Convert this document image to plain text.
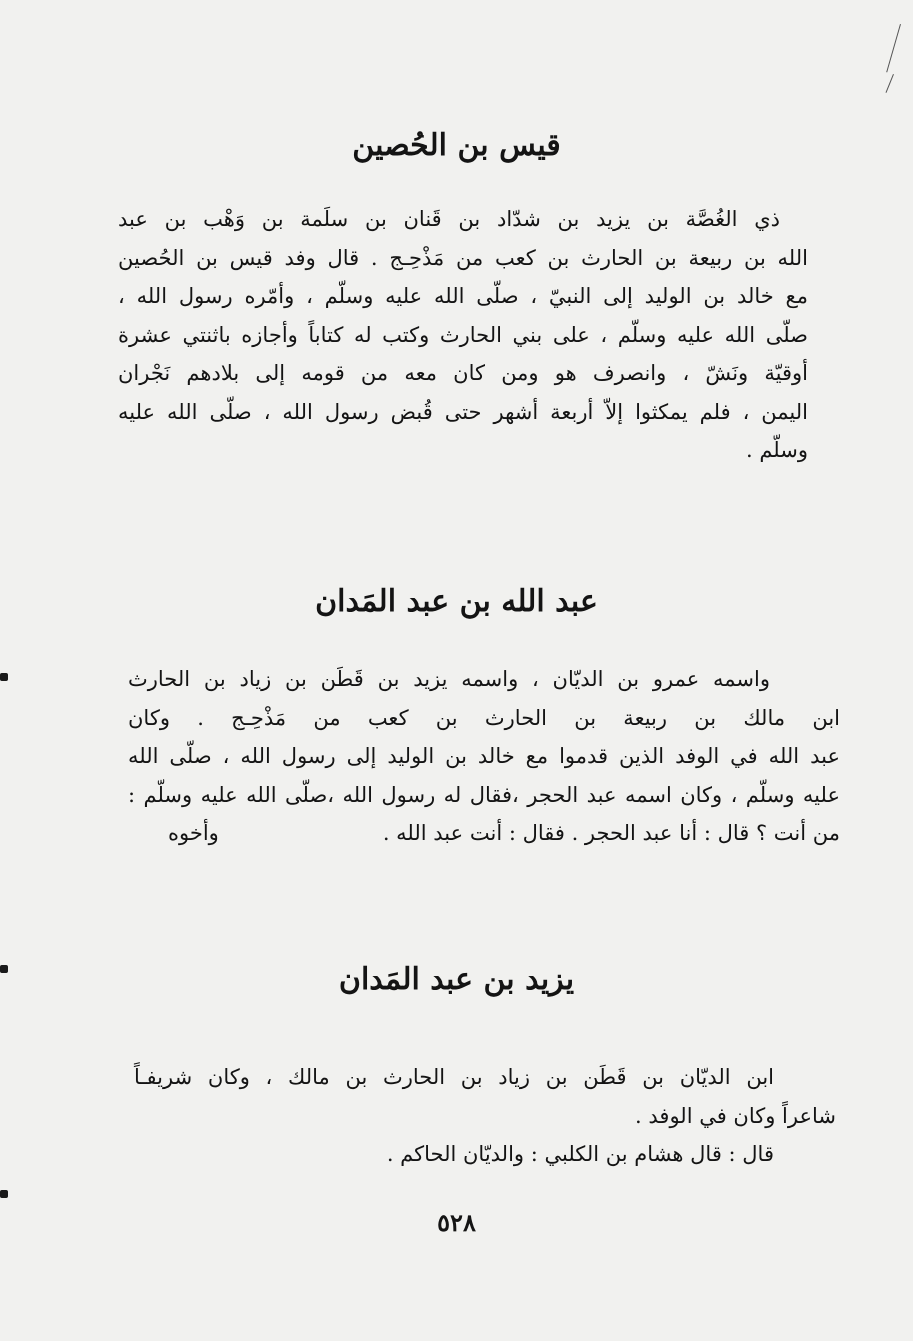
قيس بن الحُصين
ذي الغُصَّة بن يزيد بن شدّاد بن قَنان بن سلَمة بن وَهْب بن عبد
الله بن ربيعة بن الحارث بن كعب من مَذْحِـج . قال وفد قيس بن الحُصين
مع خالد بن الوليد إلى النبيّ ، صلّى الله عليه وسلّم ، وأمّره رسول الله ،
صلّى الله عليه وسلّم ، على بني الحارث وكتب له كتاباً وأجازه باثنتي عشرة
أوقيّة ونَشّ ، وانصرف هو ومن كان معه من قومه إلى بلادهم نَجْران
اليمن ، فلم يمكثوا إلاّ أربعة أشهر حتى قُبض رسول الله ، صلّى الله عليه
وسلّم .
عبد الله بن عبد المَدان
واسمه عمرو بن الديّان ، واسمه يزيد بن قَطَن بن زياد بن الحارث
ابن مالك بن ربيعة بن الحارث بن كعب من مَذْحِـج . وكان
عبد الله في الوفد الذين قدموا مع خالد بن الوليد إلى رسول الله ، صلّى الله
عليه وسلّم ، وكان اسمه عبد الحجر ،فقال له رسول الله ،صلّى الله عليه وسلّم :
من أنت ؟ قال : أنا عبد الحجر . فقال : أنت عبد الله .
وأخوه
يزيد بن عبد المَدان
ابن الديّان بن قَطَن بن زياد بن الحارث بن مالك ، وكان شريفـاً
شاعراً وكان في الوفد .
قال : قال هشام بن الكلبي : والديّان الحاكم .
٥٢٨
